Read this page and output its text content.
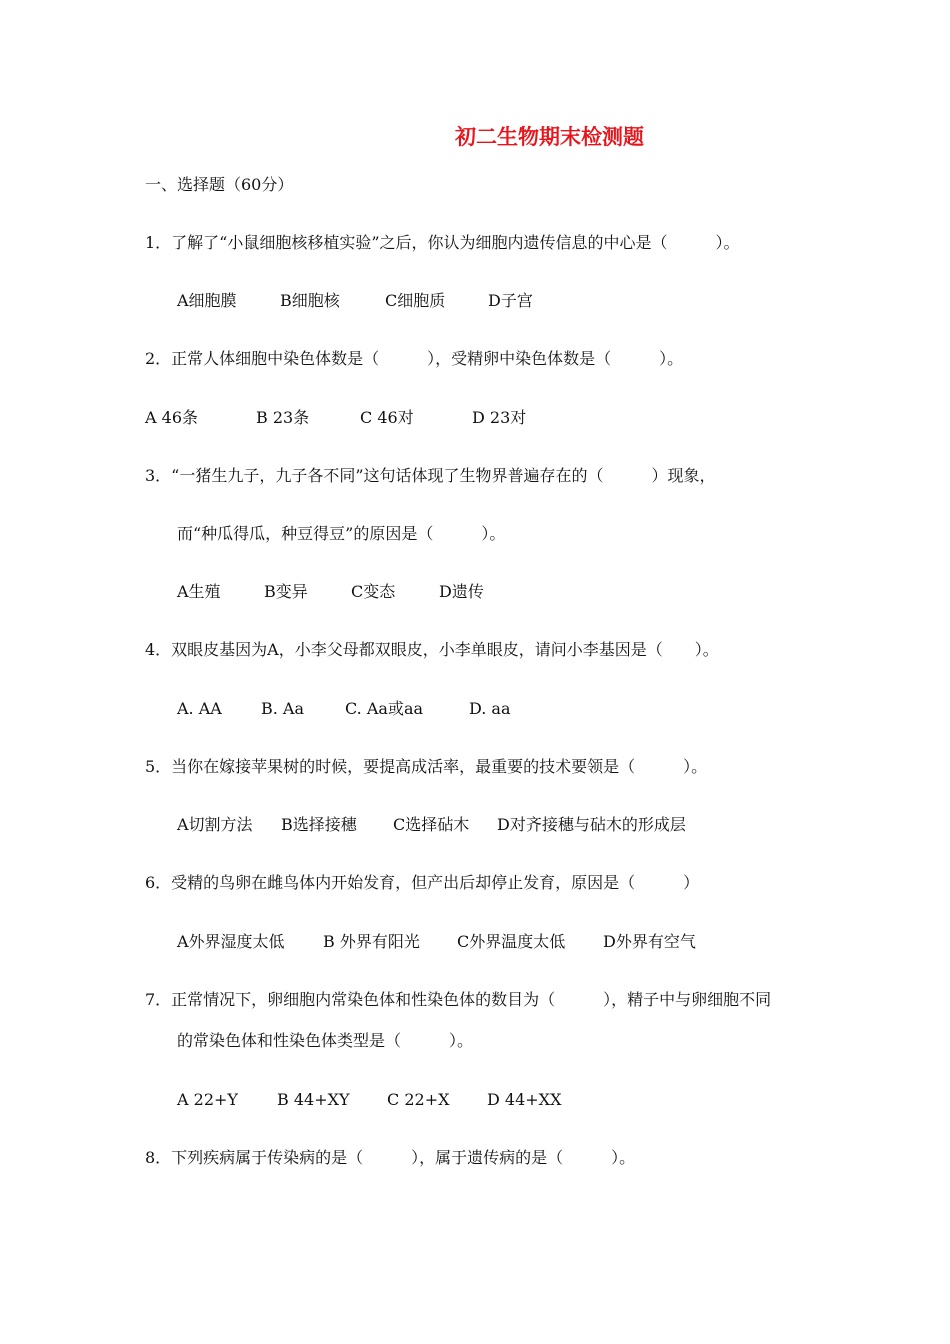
初二生物期末检测题
一、选择题（60分）
1．了解了“小鼠细胞核移植实验”之后，你认为细胞内遗传信息的中心是（　　　）。
A细胞膜	B细胞核	C细胞质	D子宫
2．正常人体细胞中染色体数是（　　　），受精卵中染色体数是（　　　）。
A 46条	B 23条	C 46对	D 23对
3．“一猪生九子，九子各不同”这句话体现了生物界普遍存在的（　　　）现象，
而“种瓜得瓜，种豆得豆”的原因是（　　　）。
A生殖	B变异	C变态	D遗传
4．双眼皮基因为A，小李父母都双眼皮，小李单眼皮，请问小李基因是（　　）。
A. AA B. Aa	C. Aa或aa	D. aa
5．当你在嫁接苹果树的时候，要提高成活率，最重要的技术要领是（　　　）。
A切割方法 B选择接穗 C选择砧木 D对齐接穗与砧木的形成层
6．受精的鸟卵在雌鸟体内开始发育，但产出后却停止发育，原因是（　　　）
A外界湿度太低 B 外界有阳光 C外界温度太低 D外界有空气
7．正常情况下，卵细胞内常染色体和性染色体的数目为（　　　），精子中与卵细胞不同
的常染色体和性染色体类型是（　　　）。
A 22+Y B 44+XY C 22+X D 44+XX
8．下列疾病属于传染病的是（　　　），属于遗传病的是（　　　）。
